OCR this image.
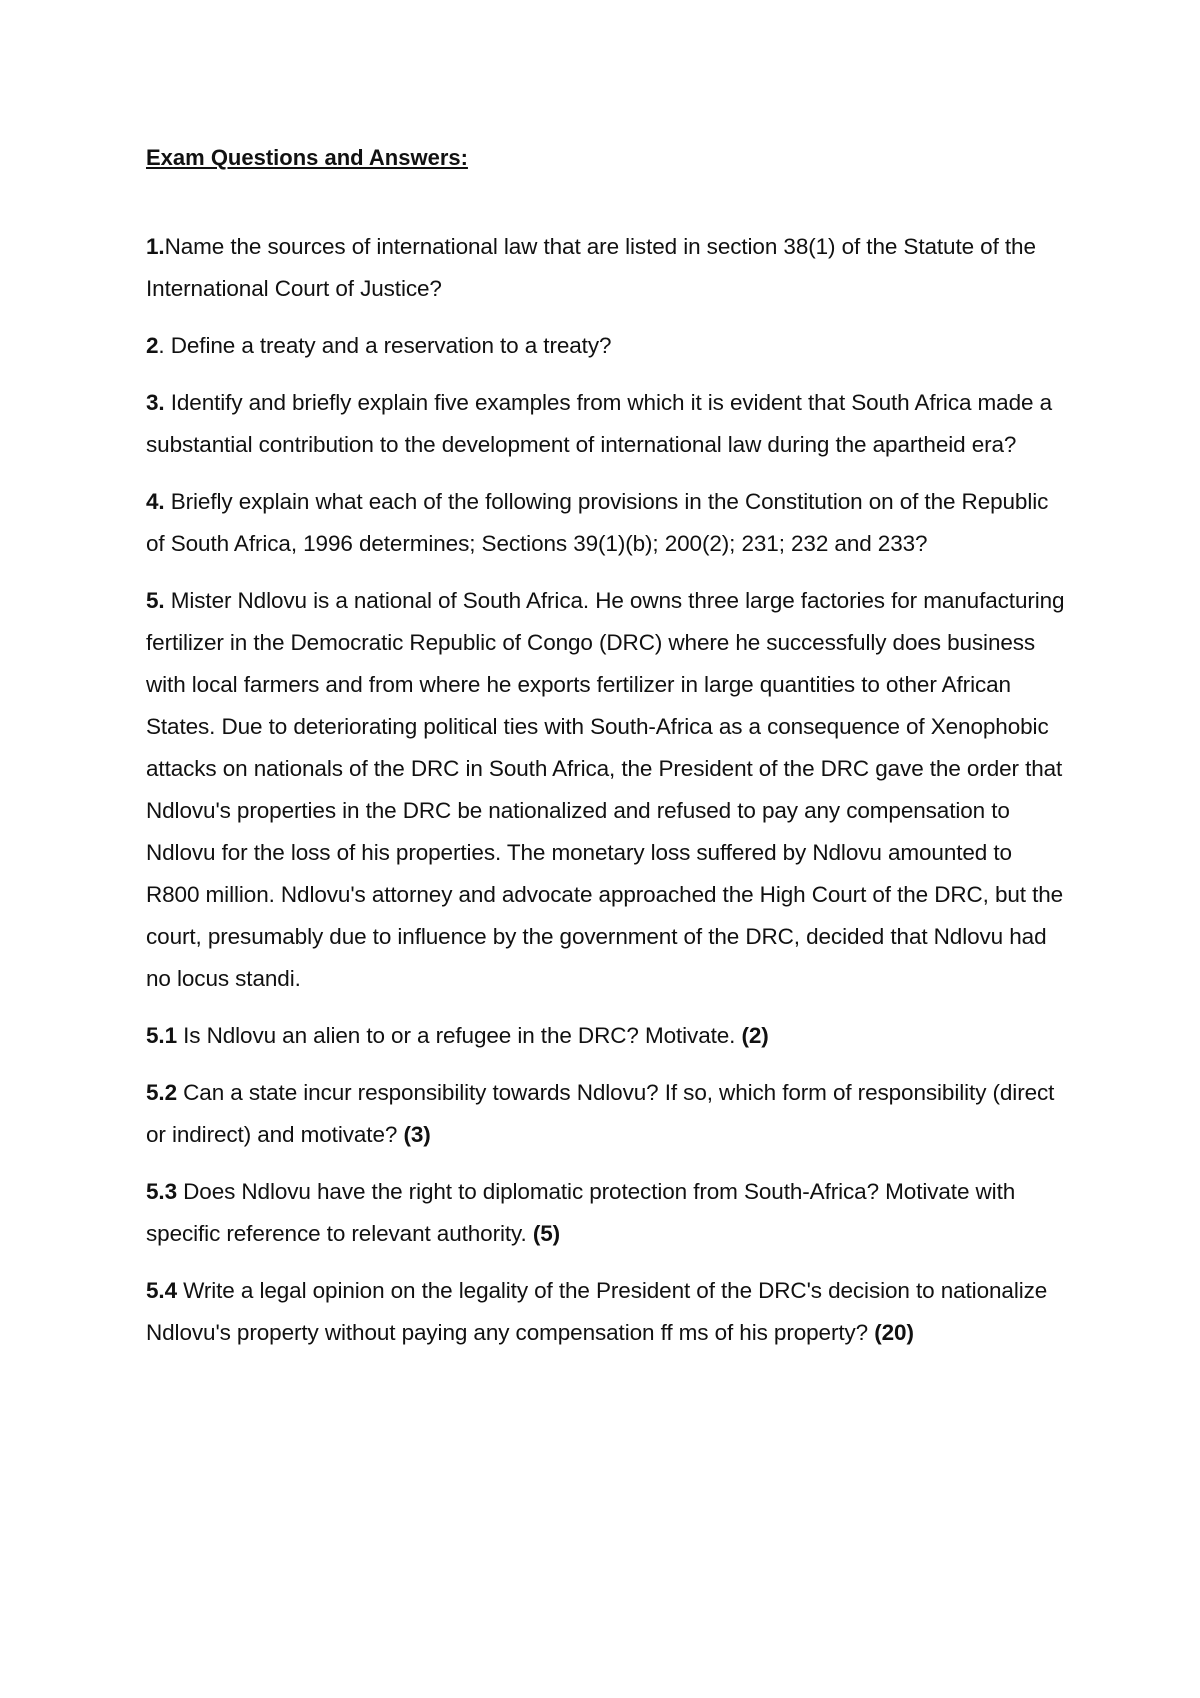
Exam Questions and Answers:

1.Name the sources of international law that are listed in section 38(1) of the Statute of the International Court of Justice?

2. Define a treaty and a reservation to a treaty?

3. Identify and briefly explain five examples from which it is evident that South Africa made a substantial contribution to the development of international law during the apartheid era?

4. Briefly explain what each of the following provisions in the Constitution on of the Republic of South Africa, 1996 determines; Sections 39(1)(b); 200(2); 231; 232 and 233?

5. Mister Ndlovu is a national of South Africa. He owns three large factories for manufacturing fertilizer in the Democratic Republic of Congo (DRC) where he successfully does business with local farmers and from where he exports fertilizer in large quantities to other African States. Due to deteriorating political ties with South-Africa as a consequence of Xenophobic attacks on nationals of the DRC in South Africa, the President of the DRC gave the order that Ndlovu's properties in the DRC be nationalized and refused to pay any compensation to Ndlovu for the loss of his properties. The monetary loss suffered by Ndlovu amounted to R800 million. Ndlovu's attorney and advocate approached the High Court of the DRC, but the court, presumably due to influence by the government of the DRC, decided that Ndlovu had no locus standi.

5.1 Is Ndlovu an alien to or a refugee in the DRC? Motivate. (2)

5.2 Can a state incur responsibility towards Ndlovu? If so, which form of responsibility (direct or indirect) and motivate? (3)

5.3 Does Ndlovu have the right to diplomatic protection from South-Africa? Motivate with specific reference to relevant authority. (5)

5.4 Write a legal opinion on the legality of the President of the DRC's decision to nationalize Ndlovu's property without paying any compensation ff ms of his property? (20)
